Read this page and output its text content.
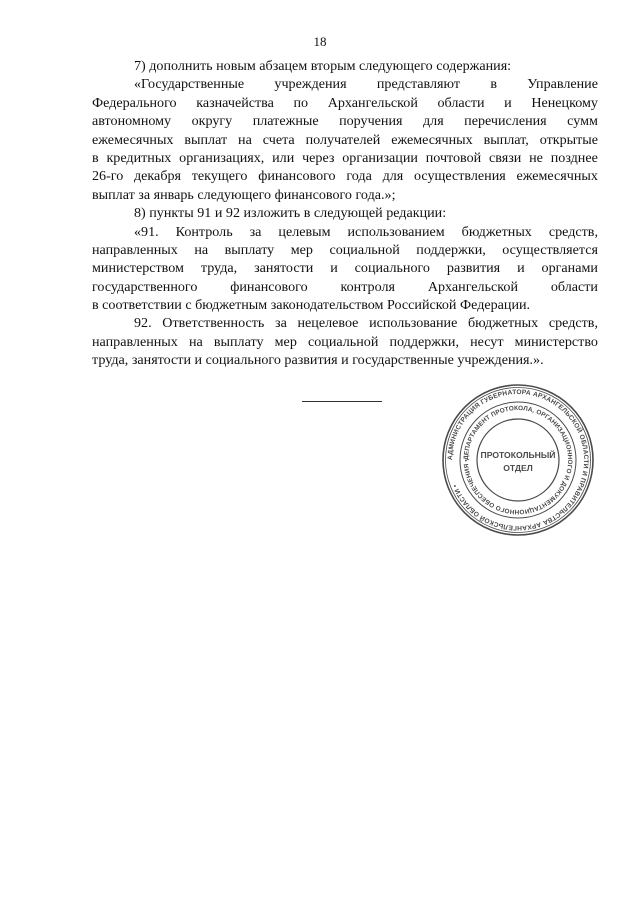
18
7) дополнить новым абзацем вторым следующего содержания:
«Государственные учреждения представляют в Управление
Федерального казначейства по Архангельской области и Ненецкому
автономному округу платежные поручения для перечисления сумм
ежемесячных выплат на счета получателей ежемесячных выплат, открытые
в кредитных организациях, или через организации почтовой связи не позднее
26-го декабря текущего финансового года для осуществления ежемесячных
выплат за январь следующего финансового года.»;
8) пункты 91 и 92 изложить в следующей редакции:
«91. Контроль за целевым использованием бюджетных средств,
направленных на выплату мер социальной поддержки, осуществляется
министерством труда, занятости и социального развития и органами
государственного финансового контроля Архангельской области
в соответствии с бюджетным законодательством Российской Федерации.
92. Ответственность за нецелевое использование бюджетных средств,
направленных на выплату мер социальной поддержки, несут министерство
труда, занятости и социального развития и государственные учреждения.».
АДМИНИСТРАЦИЯ ГУБЕРНАТОРА АРХАНГЕЛЬСКОЙ ОБЛАСТИ И ПРАВИТЕЛЬСТВА АРХАНГЕЛЬСКОЙ ОБЛАСТИ •
ДЕПАРТАМЕНТ ПРОТОКОЛА, ОРГАНИЗАЦИОННОГО И ДОКУМЕНТАЦИОННОГО ОБЕСПЕЧЕНИЯ •
ПРОТОКОЛЬНЫЙ
ОТДЕЛ
